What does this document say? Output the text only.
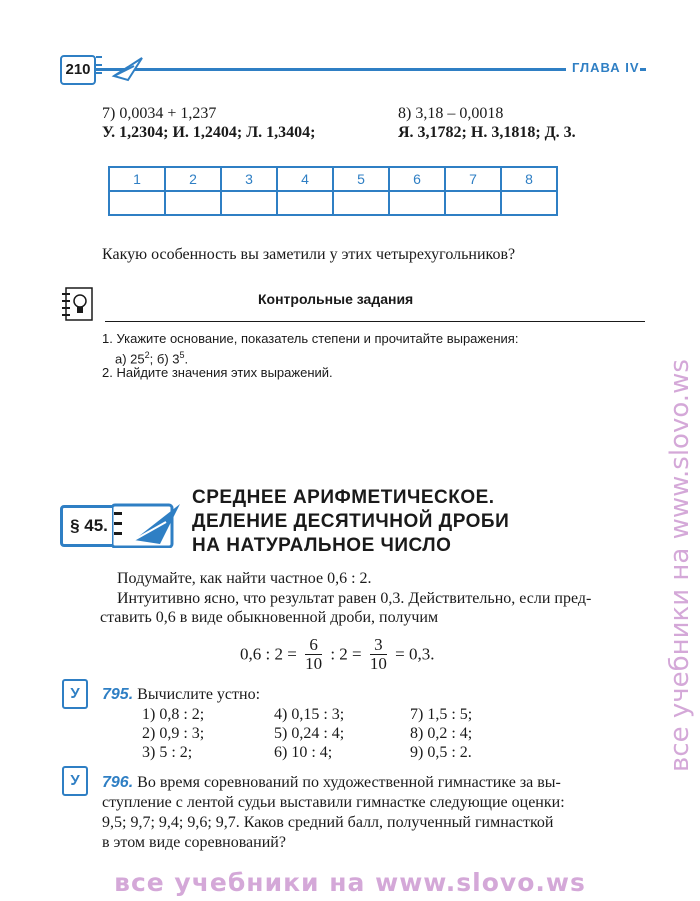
210	ГЛАВА IV
7) 0,0034 + 1,237
У. 1,2304; И. 1,2404; Л. 1,3404;
8) 3,18 – 0,0018
Я. 3,1782; Н. 3,1818; Д. 3.
1	2	3	4	5	6	7	8

Какую особенность вы заметили у этих четырехугольников?
Контрольные задания
1. Укажите основание, показатель степени и прочитайте выражения:
а) $25^2$; б) $3^5$.
2. Найдите значения этих выражений.
§ 45.
СРЕДНЕЕ АРИФМЕТИЧЕСКОЕ.
ДЕЛЕНИЕ ДЕСЯТИЧНОЙ ДРОБИ
НА НАТУРАЛЬНОЕ ЧИСЛО
Подумайте, как найти частное 0,6 : 2.
Интуитивно ясно, что результат равен 0,3. Действительно, если пред-
ставить 0,6 в виде обыкновенной дроби, получим
0,6 : $2 = \frac{6}{10}$ : $2 = \frac{3}{10} = 0,3$.
У	795. Вычислите устно:
1) 0,8 : 2;	4) 0,15 : 3;	7) 1,5 : 5;
2) 0,9 : 3;	5) 0,24 : 4;	8) 0,2 : 4;
3) 5 : 2;	6) 10 : 4;	9) 0,5 : 2.
У	796. Во время соревнований по художественной гимнастике за вы-
ступление с лентой судьи выставили гимнастке следующие оценки:
9,5; 9,7; 9,4; 9,6; 9,7. Каков средний балл, полученный гимнасткой
в этом виде соревнований?
все учебники на www.slovo.ws
все учебники на www.slovo.ws
